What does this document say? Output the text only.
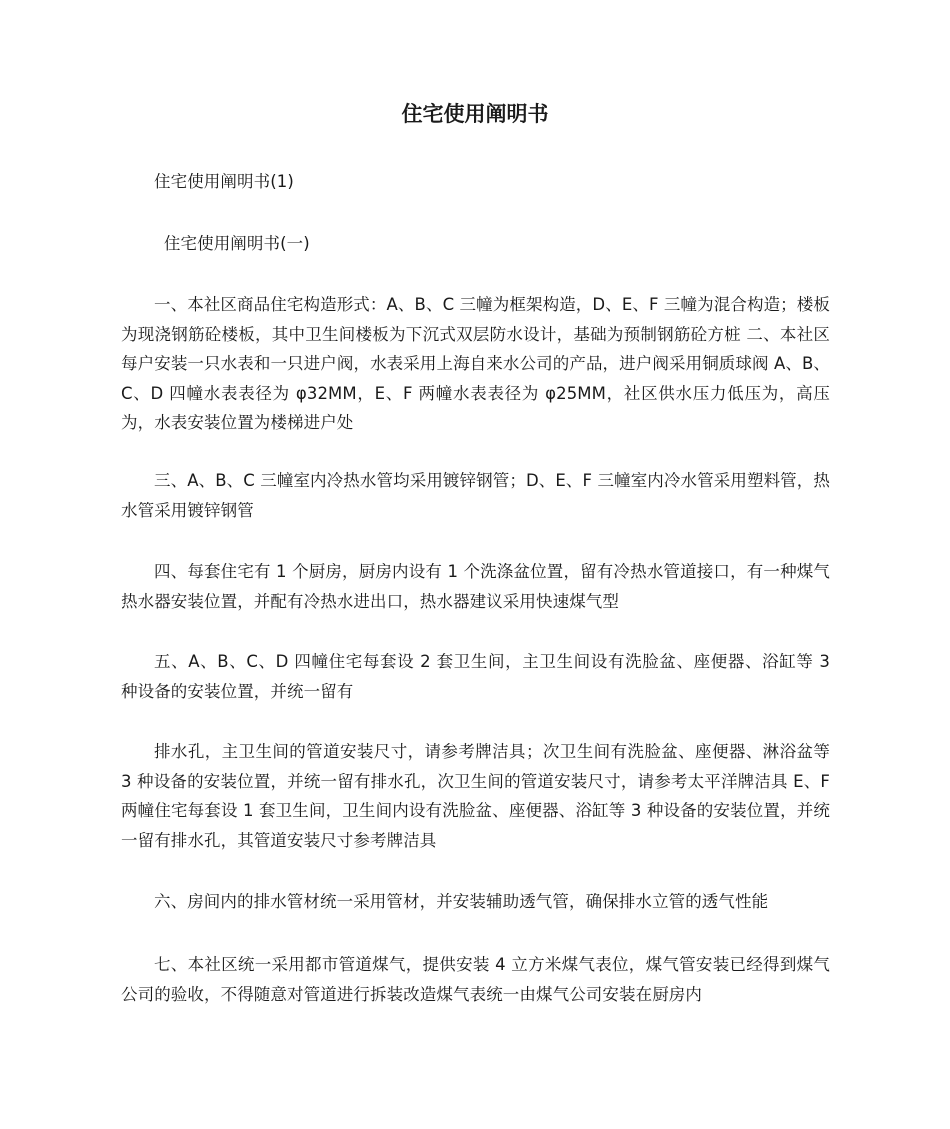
住宅使用阐明书

住宅使用阐明书(1)

住宅使用阐明书(一)

一、本社区商品住宅构造形式：A、B、C 三幢为框架构造，D、E、F 三幢为混合构造；楼板为现浇钢筋砼楼板，其中卫生间楼板为下沉式双层防水设计，基础为预制钢筋砼方桩 二、本社区每户安装一只水表和一只进户阀，水表采用上海自来水公司的产品，进户阀采用铜质球阀 A、B、C、D 四幢水表表径为 φ32MM，E、F 两幢水表表径为 φ25MM，社区供水压力低压为，高压为，水表安装位置为楼梯进户处

三、A、B、C 三幢室内冷热水管均采用镀锌钢管；D、E、F 三幢室内冷水管采用塑料管，热水管采用镀锌钢管

四、每套住宅有 1 个厨房，厨房内设有 1 个洗涤盆位置，留有冷热水管道接口，有一种煤气热水器安装位置，并配有冷热水进出口，热水器建议采用快速煤气型

五、A、B、C、D 四幢住宅每套设 2 套卫生间，主卫生间设有洗脸盆、座便器、浴缸等 3 种设备的安装位置，并统一留有

排水孔，主卫生间的管道安装尺寸，请参考牌洁具；次卫生间有洗脸盆、座便器、淋浴盆等 3 种设备的安装位置，并统一留有排水孔，次卫生间的管道安装尺寸，请参考太平洋牌洁具 E、F 两幢住宅每套设 1 套卫生间，卫生间内设有洗脸盆、座便器、浴缸等 3 种设备的安装位置，并统一留有排水孔，其管道安装尺寸参考牌洁具

六、房间内的排水管材统一采用管材，并安装辅助透气管，确保排水立管的透气性能

七、本社区统一采用都市管道煤气，提供安装 4 立方米煤气表位，煤气管安装已经得到煤气公司的验收，不得随意对管道进行拆装改造煤气表统一由煤气公司安装在厨房内
